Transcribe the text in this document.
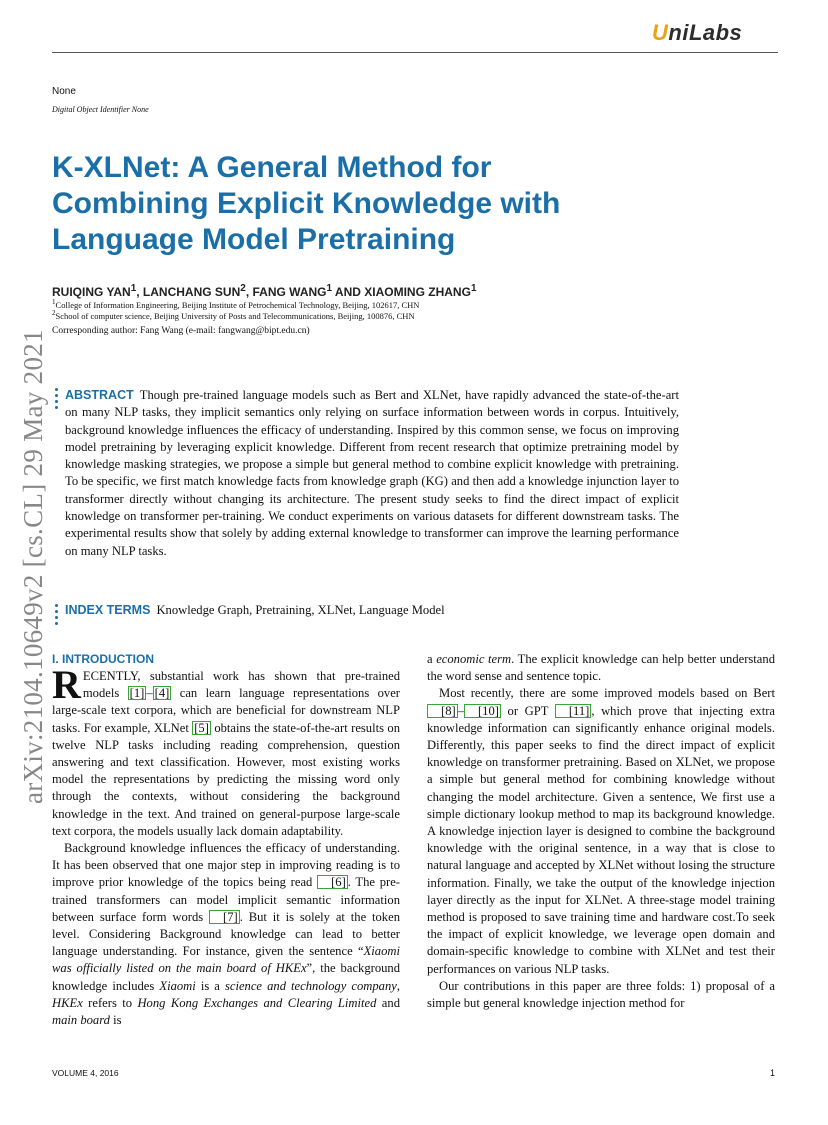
UniLabs
None
Digital Object Identifier None
K-XLNet: A General Method for
Combining Explicit Knowledge with
Language Model Pretraining
RUIQING YAN$^1$, LANCHANG SUN$^2$, FANG WANG$^1$ AND XIAOMING ZHANG$^1$
$^1$College of Information Engineering, Beijing Institute of Petrochemical Technology, Beijing, 102617, CHN
$^2$School of computer science, Beijing University of Posts and Telecommunications, Beijing, 100876, CHN
Corresponding author: Fang Wang (e-mail: fangwang@bipt.edu.cn)
arXiv:2104.10649v2 [cs.CL] 29 May 2021 ABSTRACT Though pre-trained language models such as Bert and XLNet, have rapidly advanced the state-of-the-art on many NLP tasks, they implicit semantics only relying on surface information between words in corpus. Intuitively, background knowledge influences the efficacy of understanding. Inspired by this common sense, we focus on improving model pretraining by leveraging explicit knowledge. Different from recent research that optimize pretraining model by knowledge masking strategies, we propose a simple but general method to combine explicit knowledge with pretraining. To be specific, we first match knowledge facts from knowledge graph (KG) and then add a knowledge injunction layer to transformer directly without changing its architecture. The present study seeks to find the direct impact of explicit knowledge on transformer per-training. We conduct experiments on various datasets for different downstream tasks. The experimental results show that solely by adding external knowledge to transformer can improve the learning performance on many NLP tasks.
INDEX TERMS Knowledge Graph, Pretraining, XLNet, Language Model
I. INTRODUCTION

RECENTLY, substantial work has shown that pre-trained models [1] – [4] can learn language representations over large-scale text corpora, which are beneficial for downstream NLP tasks. For example, XLNet [5] obtains the state-of-the-art results on twelve NLP tasks including reading comprehension, question answering and text classification. However, most existing works model the representations by predicting the missing word only through the contexts, without considering the background knowledge in the text. And trained on general-purpose large-scale text corpora, the models usually lack domain adaptability.

Background knowledge influences the efficacy of understanding. It has been observed that one major step in improving reading is to improve prior knowledge of the topics being read [6] . The pre-trained transformers can model implicit semantic information between surface form words [7] . But it is solely at the token level. Considering Background knowledge can lead to better language understanding. For instance, given the sentence “Xiaomi was officially listed on the main board of HKEx”, the background knowledge includes Xiaomi is a science and technology company, HKEx refers to Hong Kong Exchanges and Clearing Limited and main board is

a economic term. The explicit knowledge can help better understand the word sense and sentence topic.

Most recently, there are some improved models based on Bert [8] – [10] or GPT [11] , which prove that injecting extra knowledge information can significantly enhance original models. Differently, this paper seeks to find the direct impact of explicit knowledge on transformer pretraining. Based on XLNet, we propose a simple but general method for combining knowledge without changing the model architecture. Given a sentence, We first use a simple dictionary lookup method to map its background knowledge. A knowledge injection layer is designed to combine the background knowledge with the original sentence, in a way that is close to natural language and accepted by XLNet without losing the structure information. Finally, we take the output of the knowledge injection layer directly as the input for XLNet. A three-stage model training method is proposed to save training time and hardware cost.To seek the impact of explicit knowledge, we leverage open domain and domain-specific knowledge to combine with XLNet and test their performances on various NLP tasks.

Our contributions in this paper are three folds: 1) proposal of a simple but general knowledge injection method for

VOLUME 4, 2016	1
